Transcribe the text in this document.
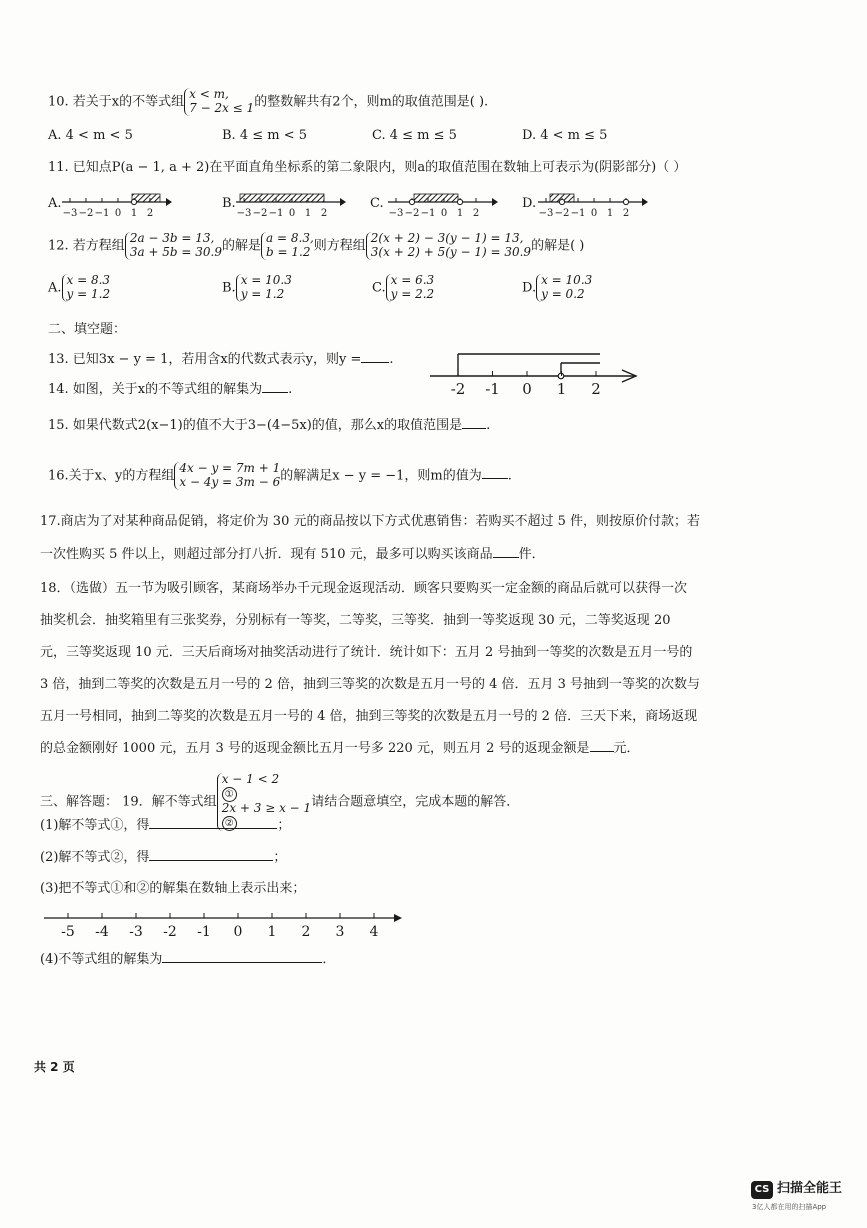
10. 若关于x的不等式组
x < m,
7 − 2x ≤ 1 的整数解共有2个，则m的取值范围是( ).
A. 4 < m < 5	B. 4 ≤ m < 5	C. 4 ≤ m ≤ 5	D. 4 < m ≤ 5
11. 已知点P(a − 1, a + 2)在平面直角坐标系的第二象限内，则a的取值范围在数轴上可表示为(阴影部分)（ ）
A.
−3 −2 −1 0 1 2
B.
−3 −2 −1 0 1 2
C.
−3 −2 −1 0 1 2
D.
−3 −2 −1 0 1 2
12. 若方程组
2a − 3b = 13,
3a + 5b = 30.9 的解是
a = 8.3,
b = 1.2 则方程组
2(x + 2) − 3(y − 1) = 13,
3(x + 2) + 5(y − 1) = 30.9 的解是( )
A.
x = 8.3
y = 1.2	B.
x = 10.3
y = 1.2	C.
x = 6.3
y = 2.2	D.
x = 10.3
y = 0.2
二、填空题：
13. 已知3x − y = 1，若用含x的代数式表示y，则y = .
14. 如图，关于x的不等式组的解集为 .	-2 -1 0 1 2
15. 如果代数式2(x−1)的值不大于3−(4−5x)的值，那么x的取值范围是 .
16.关于x、y的方程组
4x − y = 7m + 1
x − 4y = 3m − 6 的解满足x − y = −1，则m的值为 .
17.商店为了对某种商品促销，将定价为 30 元的商品按以下方式优惠销售：若购买不超过 5 件，则按原价付款；若
一次性购买 5 件以上，则超过部分打八折．现有 510 元，最多可以购买该商品 件．
18．（选做）五一节为吸引顾客，某商场举办千元现金返现活动．顾客只要购买一定金额的商品后就可以获得一次
抽奖机会．抽奖箱里有三张奖券，分别标有一等奖，二等奖，三等奖．抽到一等奖返现 30 元，二等奖返现 20
元，三等奖返现 10 元．三天后商场对抽奖活动进行了统计．统计如下：五月 2 号抽到一等奖的次数是五月一号的
3 倍，抽到二等奖的次数是五月一号的 2 倍，抽到三等奖的次数是五月一号的 4 倍．五月 3 号抽到一等奖的次数与
五月一号相同，抽到二等奖的次数是五月一号的 4 倍，抽到三等奖的次数是五月一号的 2 倍．三天下来，商场返现
的总金额刚好 1000 元，五月 3 号的返现金额比五月一号多 220 元，则五月 2 号的返现金额是 元．
三、解答题： 19．解不等式组
x − 1 < 2
①
2x + 3 ≥ x − 1
②
请结合题意填空，完成本题的解答．
(1)解不等式①，得	；
(2)解不等式②，得	；
(3)把不等式①和②的解集在数轴上表示出来；
-5 -4 -3 -2 -1 0 1 2 3 4
(4)不等式组的解集为	．
共 2 页
CS 扫描全能王
3亿人都在用的扫描App
